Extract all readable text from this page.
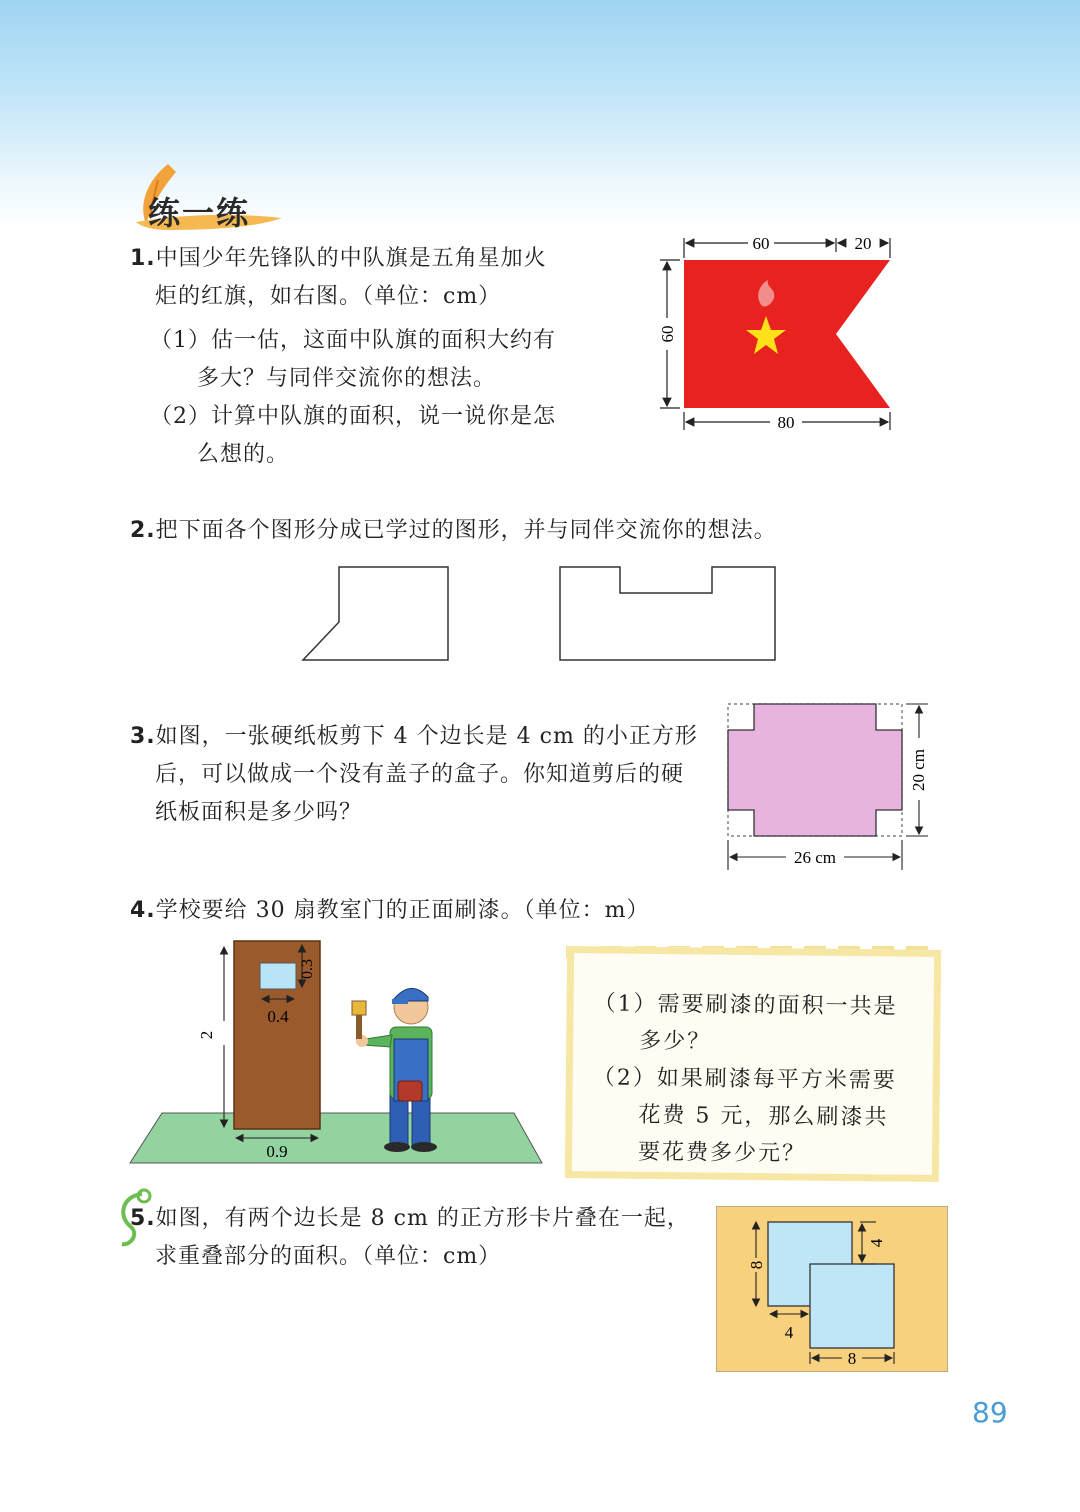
练一练
1.中国少年先锋队的中队旗是五角星加火
炬的红旗，如右图。（单位：cm）
（1）估一估，这面中队旗的面积大约有
多大？与同伴交流你的想法。
（2）计算中队旗的面积，说一说你是怎
么想的。
60	20
60
80
2.把下面各个图形分成已学过的图形，并与同伴交流你的想法。
3.如图，一张硬纸板剪下 4 个边长是 4 cm 的小正方形
后，可以做成一个没有盖子的盒子。你知道剪后的硬
纸板面积是多少吗？
20 cm
26 cm
4.学校要给 30 扇教室门的正面刷漆。（单位：m）
2
0.4
0.3
0.9
（1）需要刷漆的面积一共是
多少？
（2）如果刷漆每平方米需要
花费 5 元，那么刷漆共
要花费多少元？
5.如图，有两个边长是 8 cm 的正方形卡片叠在一起，
求重叠部分的面积。（单位：cm）	8
4
4
8
89
